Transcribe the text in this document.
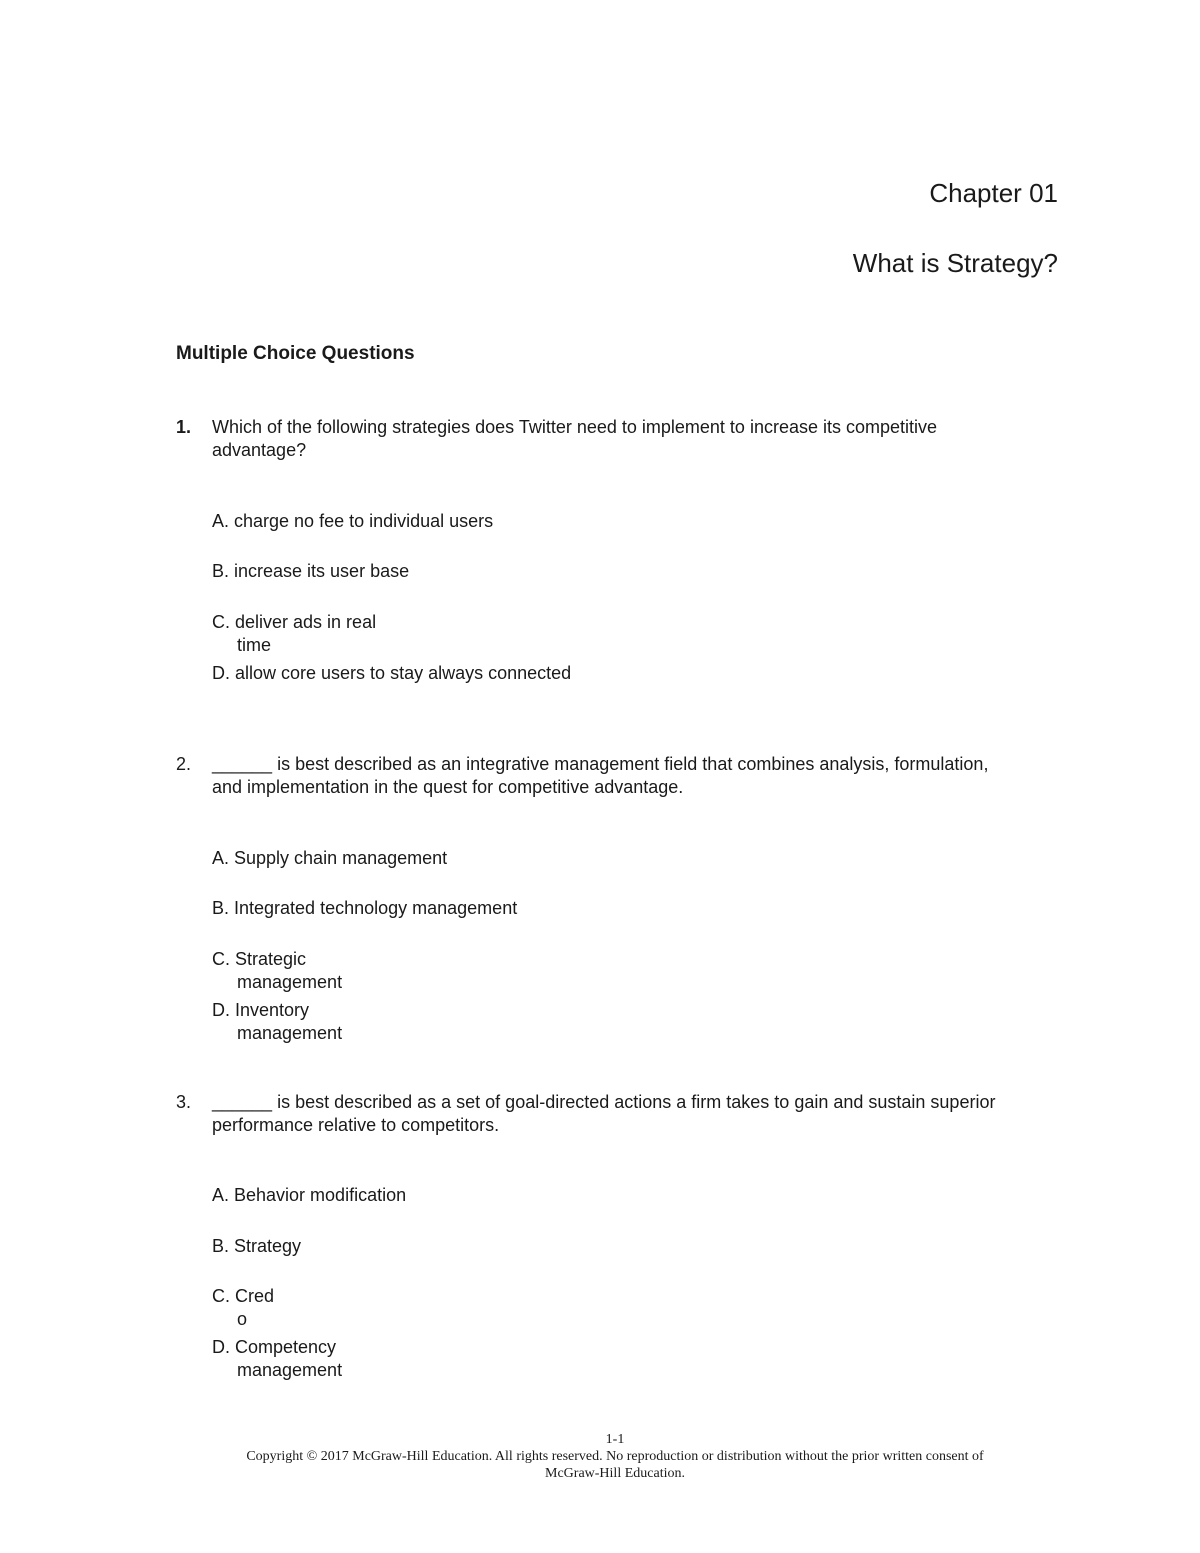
Chapter 01
What is Strategy?
Multiple Choice Questions
1. Which of the following strategies does Twitter need to implement to increase its competitive
advantage?
A. charge no fee to individual users
B. increase its user base
C. deliver ads in real
time
D. allow core users to stay always connected
2. ______ is best described as an integrative management field that combines analysis, formulation,
and implementation in the quest for competitive advantage.
A. Supply chain management
B. Integrated technology management
C. Strategic
management
D. Inventory
management
3. ______ is best described as a set of goal-directed actions a firm takes to gain and sustain superior
performance relative to competitors.
A. Behavior modification
B. Strategy
C. Cred
o
D. Competency
management
1-1
Copyright © 2017 McGraw-Hill Education. All rights reserved. No reproduction or distribution without the prior written consent of
McGraw-Hill Education.
